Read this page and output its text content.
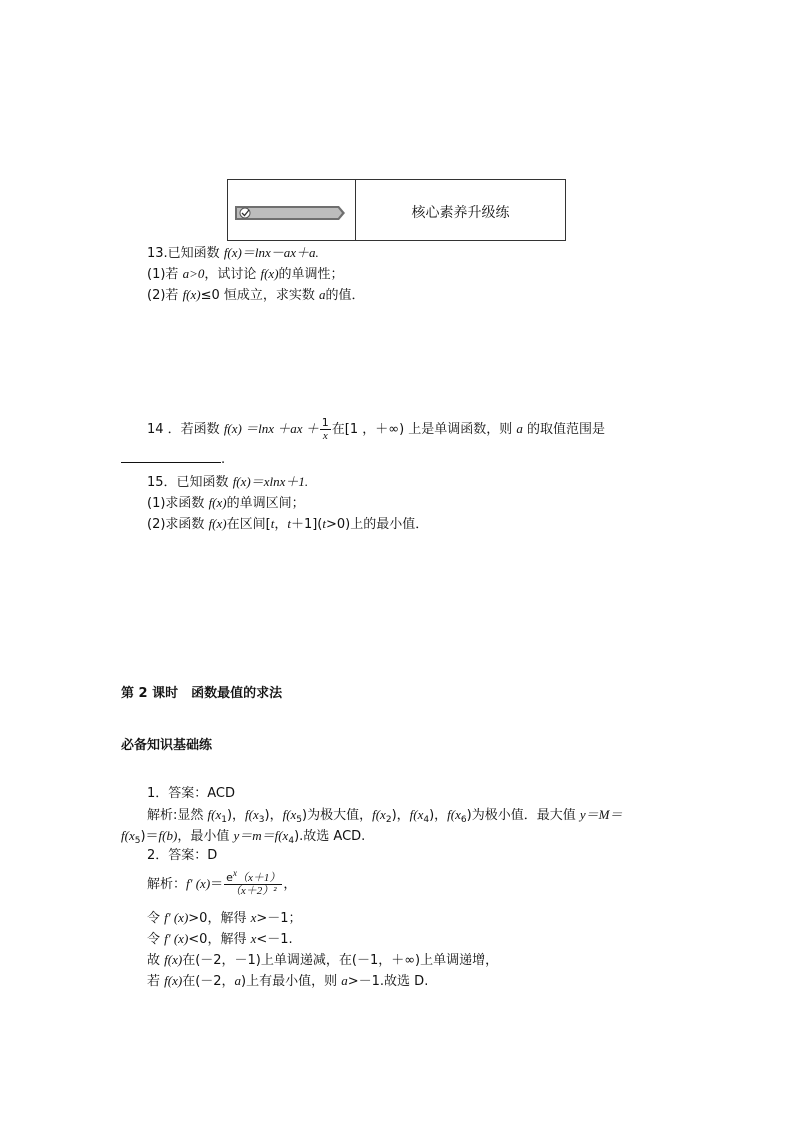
核心素养升级练
13.已知函数 f(x)＝lnx－ax＋a.
(1)若 a>0，试讨论 f(x)的单调性；
(2)若 f(x)≤0 恒成立，求实数 a的值．
14 ．若函数 $f(x) =\ln x +ax + \frac{1}{x}$ 在[1 ，＋∞) 上是单调函数，则 a 的取值范围是
.
15．已知函数 f(x)＝xlnx＋1.
(1)求函数 f(x)的单调区间；
(2)求函数 f(x)在区间[t，t＋1](t>0)上的最小值．
第 2 课时　函数最值的求法
必备知识基础练
1．答案：ACD
解析:显然 $f(x_1)$，$f(x_3)$，$f(x_5)$为极大值，$f(x_2)$，$f(x_4)$，$f(x_6)$为极小值．最大值 y＝M＝
$f(x_5)=f(b)$，最小值 $y=m=f(x_4)$.故选 ACD.
2．答案：D
解析：f′ $(x)= \frac{e^x(x+1)}{\text{（x＋2）²}}$ ，
令 f′ (x)>0，解得 x>－1；
令 f′ (x)<0，解得 x<－1.
故 f(x)在(－2，－1)上单调递减，在(－1，＋∞)上单调递增，
若 f(x)在(－2，a)上有最小值，则 a>－1.故选 D.
